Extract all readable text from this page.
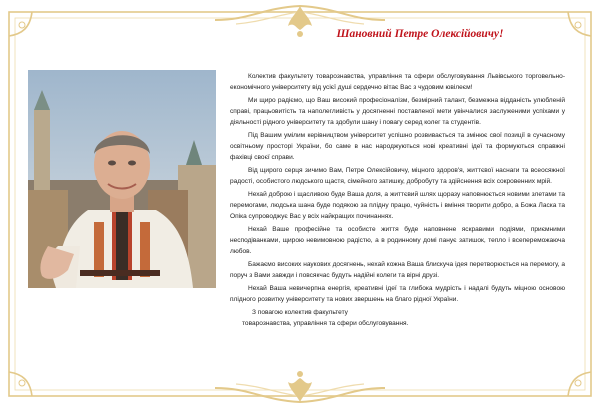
Шановний Петре Олексійовичу!

Колектив факультету товарознавства, управління та сфери обслуговування Львівського торговельно-економічного університету від усієї душі сердечно вітає Вас з чудовим ювілеєм!

Ми щиро радіємо, що Ваш високий професіоналізм, безмірний талант, безмежна відданість улюбленій справі, працьовитість та наполегливість у досягненні поставленої мети увінчалися заслуженими успіхами у діяльності рідного університету та здобули шану і повагу серед колег та студентів.

Під Вашим умілим керівництвом університет успішно розвивається та змінює свої позиції в сучасному освітньому просторі України, бо саме в нас народжуються нові креативні ідеї та формуються справжні фахівці своєї справи.

Від щирого серця зичимо Вам, Петре Олексійовичу, міцного здоров'я, життєвої наснаги та всеосяжної радості, особистого людського щастя, сімейного затишку, добробуту та здійснення всіх сокровенних мрій.

Нехай доброю і щасливою буде Ваша доля, а життєвий шлях щоразу наповнюється новими злетами та перемогами, людська шана буде подякою за плідну працю, чуйність і вміння творити добро, а Божа Ласка та Опіка супроводжує Вас у всіх найкращих починаннях.

Нехай Ваше професійне та особисте життя буде наповнене яскравими подіями, приємними несподіванками, щирою невимовною радістю, а в родинному домі панує затишок, тепло і всепереможаюча любов.

Бажаємо високих наукових досягнень, нехай кожна Ваша блискуча ідея перетворюється на перемогу, а поруч з Вами завжди і повсякчас будуть надійні колеги та вірні друзі.

Нехай Ваша невичерпна енергія, креативні ідеї та глибока мудрість і надалі будуть міцною основою плідного розвитку університету та нових звершень на благо рідної України.

З повагою колектив факультету

товарознавства, управління та сфери обслуговування.
